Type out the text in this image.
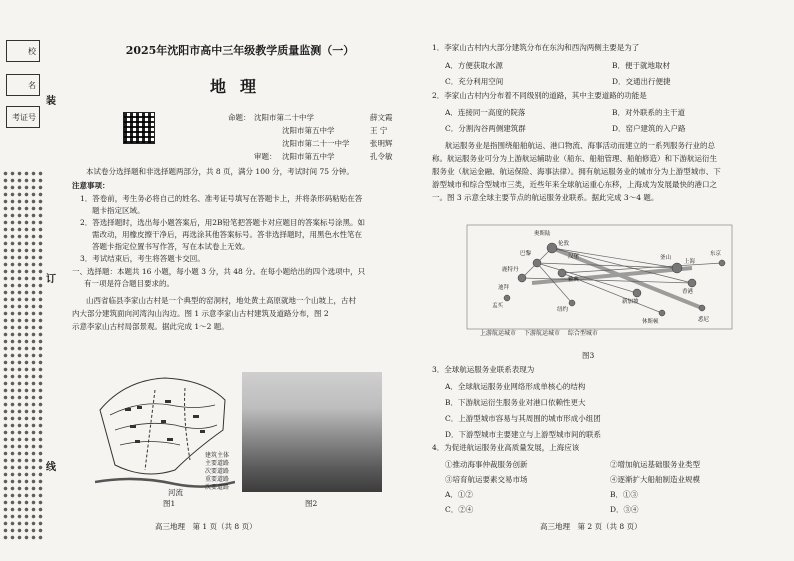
校
名
考证号
装
订
线
2025年沈阳市高中三年级教学质量监测（一）
地理
命题： 沈阳市第二十中学	薛文霞
沈阳市第五中学	王 宁
沈阳市第二十一中学	张明辉
审题： 沈阳市第五中学	孔令敏
本试卷分选择题和非选择题两部分，共 8 页，满分 100 分，考试时间 75 分钟。
注意事项：
1．答卷前，考生务必将自己的姓名、准考证号填写在答题卡上，并将条形码粘贴在答
题卡指定区域。
2．答选择题时，选出每小题答案后，用2B铅笔把答题卡对应题目的答案标号涂黑。如
需改动，用橡皮擦干净后，再选涂其他答案标号。答非选择题时，用黑色水性笔在
答题卡指定位置书写作答，写在本试卷上无效。
3．考试结束后，考生将答题卡交回。
一、选择题：本题共 16 小题，每小题 3 分，共 48 分。在每小题给出的四个选项中，只
有一项是符合题目要求的。
山西省临县李家山古村是一个典型的窑洞村，地处黄土高原就地一个山坡上，古村
内大部分建筑面向河湾沟山沟边。图 1 示意李家山古村建筑及道路分布，图 2
示意李家山古村局部景观。据此完成 1～2 题。
河流
建筑主体
主要道路
次要道路
重要道路
次要道路
图1	图2
高三地理　第 1 页（共 8 页）
1．李家山古村内大部分建筑分布在东沟和西沟两侧主要是为了
A．方便获取水源	B．便于就地取材
C．充分利用空间	D．交通出行便捷
2．李家山古村内分布着不同级别的道路，其中主要道路的功能是
A．连接同一高度的院落	B．对外联系的主干道
C．分割沟谷两侧建筑群	D．窑户建筑的入户路
航运服务业是指围绕船舶航运、港口物流、海事活动而建立的一系列服务行业的总
称。航运服务业可分为上游航运辅助业（船东、船舶管理、船舶修造）和下游航运衍生
服务业（航运金融、航运保险、海事法律）。拥有航运服务业的城市分为上游型城市、下
游型城市和综合型城市三类，近些年来全球航运重心东移，上海成为发展最快的港口之
一。图 3 示意全球主要节点的航运服务业联系。据此完成 3～4 题。
奥斯陆
伦敦
巴黎	汉堡
鹿特丹
雅典
迪拜
孟买
新加坡
香港
上海
东京
釜山
纽约
休斯顿	悉尼
上游航运城市　 下游航运城市　 综合型城市
图3
3．全球航运服务业联系表现为
A．全球航运服务业网络形成单核心的结构
B．下游航运衍生服务业对港口依赖性更大
C．上游型城市容易与其周围的城市形成小组团
D．下游型城市主要建立与上游型城市间的联系
4．为促进航运服务业高质量发展，上海应该
①推动海事仲裁服务创新	②增加航运基础服务业类型
③培育航运要素交易市场	④逐渐扩大船舶制造业规模
A．①②	B．①③
C．②④	D．③④
高三地理　第 2 页（共 8 页）
